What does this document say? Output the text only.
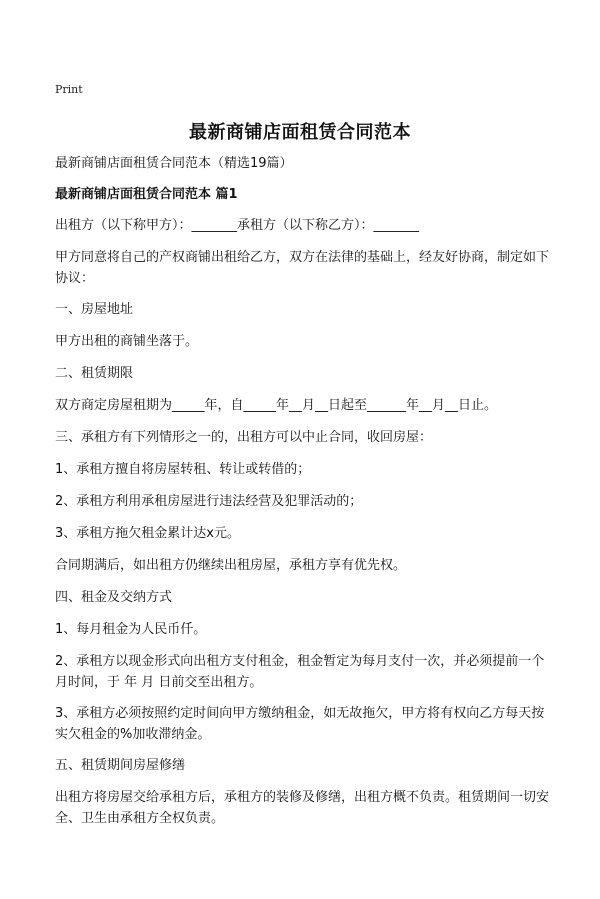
Print
最新商铺店面租赁合同范本
最新商铺店面租赁合同范本（精选19篇）
最新商铺店面租赁合同范本 篇1
出租方（以下称甲方）：_______承租方（以下称乙方）：_______
甲方同意将自己的产权商铺出租给乙方，双方在法律的基础上，经友好协商，制定如下协议：
一、房屋地址
甲方出租的商铺坐落于。
二、租赁期限
双方商定房屋租期为_____年，自_____年__月__日起至______年__月__日止。
三、承租方有下列情形之一的，出租方可以中止合同，收回房屋：
1、承租方擅自将房屋转租、转让或转借的；
2、承租方利用承租房屋进行违法经营及犯罪活动的；
3、承租方拖欠租金累计达x元。
合同期满后，如出租方仍继续出租房屋，承租方享有优先权。
四、租金及交纳方式
1、每月租金为人民币仟。
2、承租方以现金形式向出租方支付租金，租金暂定为每月支付一次，并必须提前一个月时间，于 年 月 日前交至出租方。
3、承租方必须按照约定时间向甲方缴纳租金，如无故拖欠，甲方将有权向乙方每天按实欠租金的%加收滞纳金。
五、租赁期间房屋修缮
出租方将房屋交给承租方后，承租方的装修及修缮，出租方概不负责。租赁期间一切安全、卫生由承租方全权负责。
